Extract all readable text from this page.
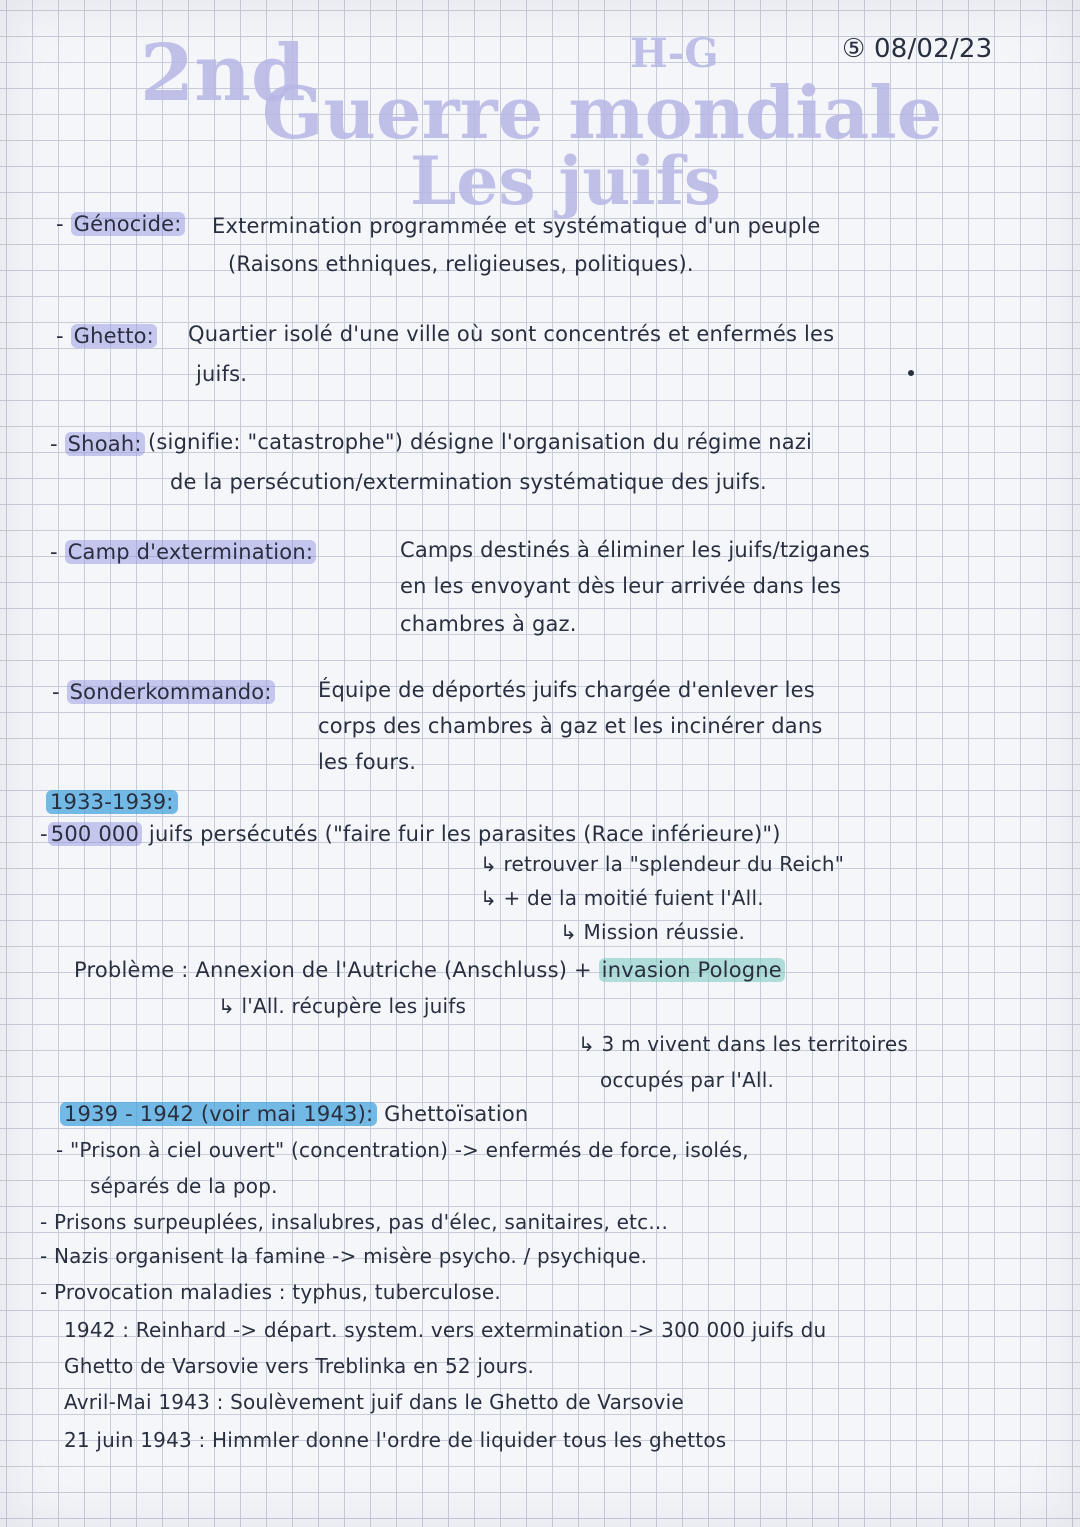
2nd	H-G	⑤ 08/02/23
Guerre mondiale
Les juifs
- Génocide: Extermination programmée et systématique d'un peuple
(Raisons ethniques, religieuses, politiques).
- Ghetto: Quartier isolé d'une ville où sont concentrés et enfermés les
juifs.
- Shoah: (signifie: "catastrophe") désigne l'organisation du régime nazi
de la persécution/extermination systématique des juifs.
- Camp d'extermination:	Camps destinés à éliminer les juifs/tziganes
en les envoyant dès leur arrivée dans les
chambres à gaz.
- Sonderkommando: Équipe de déportés juifs chargée d'enlever les
corps des chambres à gaz et les incinérer dans
les fours.
1933-1939:
- 500 000 juifs persécutés ("faire fuir les parasites (Race inférieure)")
↳ retrouver la "splendeur du Reich"
↳ + de la moitié fuient l'All.
↳ Mission réussie.
Problème : Annexion de l'Autriche (Anschluss) + invasion Pologne
↳ l'All. récupère les juifs
↳ 3 m vivent dans les territoires
occupés par l'All.
1939 - 1942 (voir mai 1943): Ghettoïsation
- "Prison à ciel ouvert" (concentration) -> enfermés de force, isolés,
séparés de la pop.
- Prisons surpeuplées, insalubres, pas d'élec, sanitaires, etc...
- Nazis organisent la famine -> misère psycho. / psychique.
- Provocation maladies : typhus, tuberculose.
1942 : Reinhard -> départ. system. vers extermination -> 300 000 juifs du
Ghetto de Varsovie vers Treblinka en 52 jours.
Avril-Mai 1943 : Soulèvement juif dans le Ghetto de Varsovie
21 juin 1943 : Himmler donne l'ordre de liquider tous les ghettos
